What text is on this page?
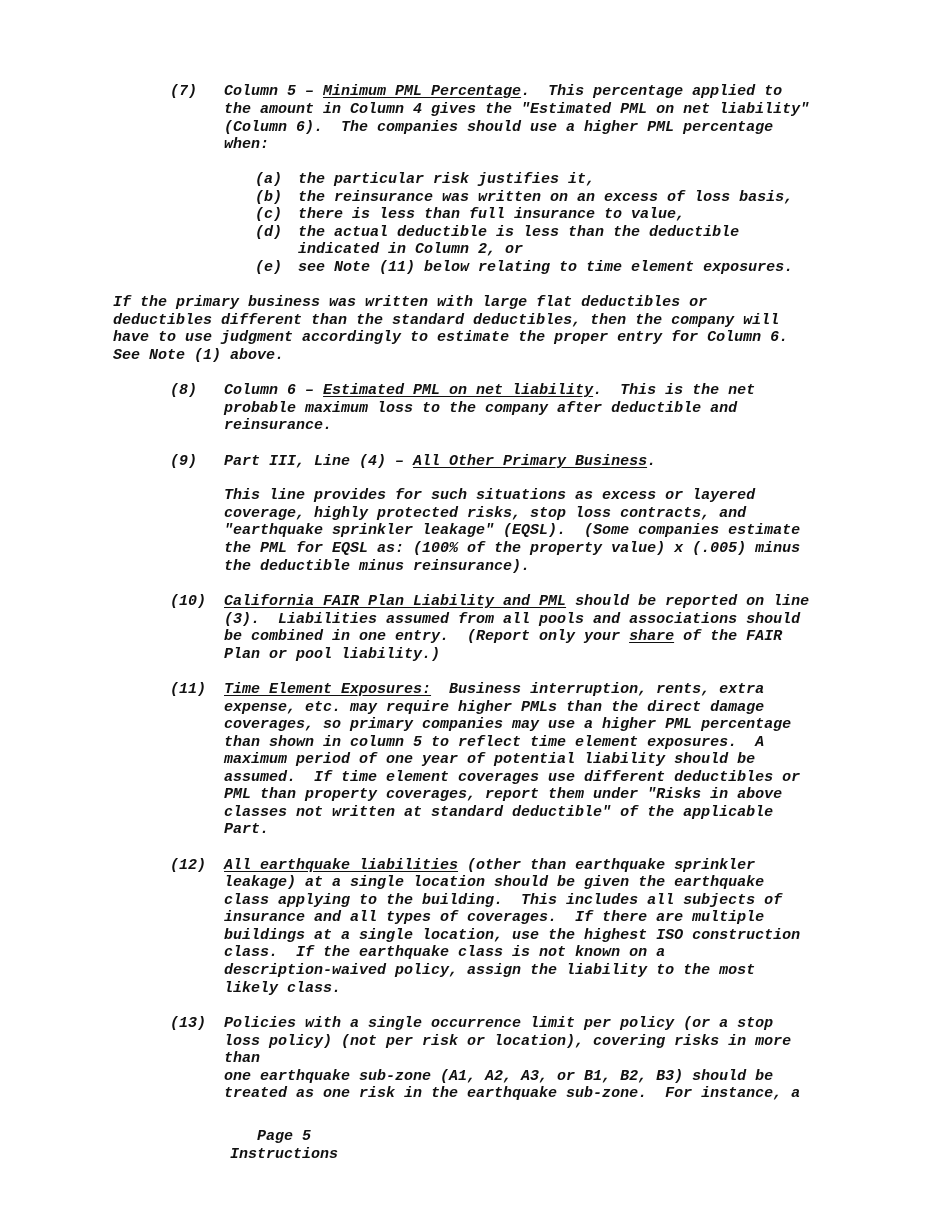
(7) Column 5 – Minimum PML Percentage.  This percentage applied to
the amount in Column 4 gives the "Estimated PML on net liability"
(Column 6).  The companies should use a higher PML percentage
when:
(a) the particular risk justifies it,
(b) the reinsurance was written on an excess of loss basis,
(c) there is less than full insurance to value,
(d) the actual deductible is less than the deductible
indicated in Column 2, or
(e) see Note (11) below relating to time element exposures.
If the primary business was written with large flat deductibles or
deductibles different than the standard deductibles, then the company will
have to use judgment accordingly to estimate the proper entry for Column 6.
See Note (1) above.
(8) Column 6 – Estimated PML on net liability.  This is the net
probable maximum loss to the company after deductible and
reinsurance.
(9) Part III, Line (4) – All Other Primary Business.
This line provides for such situations as excess or layered
coverage, highly protected risks, stop loss contracts, and
"earthquake sprinkler leakage" (EQSL).  (Some companies estimate
the PML for EQSL as: (100% of the property value) x (.005) minus
the deductible minus reinsurance).
(10) California FAIR Plan Liability and PML should be reported on line
(3).  Liabilities assumed from all pools and associations should
be combined in one entry.  (Report only your share of the FAIR
Plan or pool liability.)
(11) Time Element Exposures:  Business interruption, rents, extra
expense, etc. may require higher PMLs than the direct damage
coverages, so primary companies may use a higher PML percentage
than shown in column 5 to reflect time element exposures.  A
maximum period of one year of potential liability should be
assumed.  If time element coverages use different deductibles or
PML than property coverages, report them under "Risks in above
classes not written at standard deductible" of the applicable
Part.
(12) All earthquake liabilities (other than earthquake sprinkler
leakage) at a single location should be given the earthquake
class applying to the building.  This includes all subjects of
insurance and all types of coverages.  If there are multiple
buildings at a single location, use the highest ISO construction
class.  If the earthquake class is not known on a
description-waived policy, assign the liability to the most
likely class.
(13) Policies with a single occurrence limit per policy (or a stop
loss policy) (not per risk or location), covering risks in more
than
one earthquake sub-zone (A1, A2, A3, or B1, B2, B3) should be
treated as one risk in the earthquake sub-zone.  For instance, a
Page 5
Instructions
